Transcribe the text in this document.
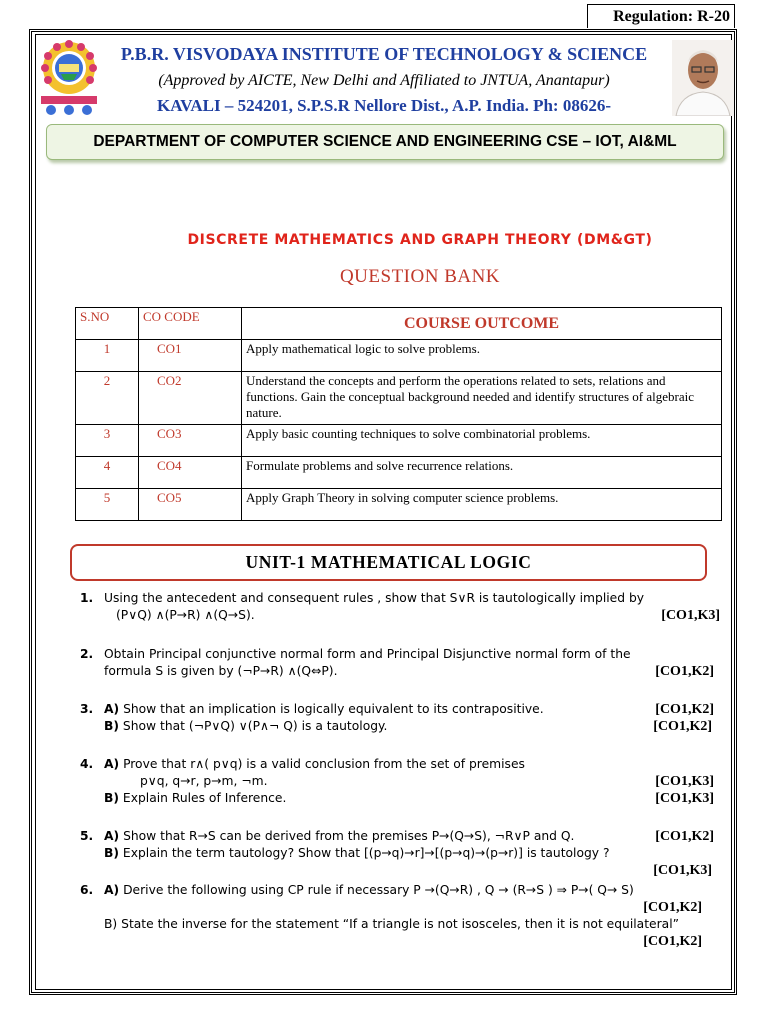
Regulation: R-20
P.B.R. VISVODAYA INSTITUTE OF TECHNOLOGY & SCIENCE
(Approved by AICTE, New Delhi and Affiliated to JNTUA, Anantapur)
KAVALI – 524201, S.P.S.R Nellore Dist., A.P. India. Ph: 08626-
DEPARTMENT OF COMPUTER SCIENCE AND ENGINEERING CSE – IOT, AI&ML
DISCRETE MATHEMATICS AND GRAPH THEORY (DM&GT)
QUESTION BANK
S.NO	CO CODE	COURSE OUTCOME
1	CO1	Apply mathematical logic to solve problems.
2	CO2	Understand the concepts and perform the operations related to sets, relations and functions. Gain the conceptual background needed and identify structures of algebraic nature.
3	CO3	Apply basic counting techniques to solve combinatorial problems.
4	CO4	Formulate problems and solve recurrence relations.
5	CO5	Apply Graph Theory in solving computer science problems.
UNIT-1 MATHEMATICAL LOGIC
1. Using the antecedent and consequent rules , show that S∨R is tautologically implied by
(P∨Q) ∧(P→R) ∧(Q→S).	[CO1,K3]
2. Obtain Principal conjunctive normal form and Principal Disjunctive normal form of the
formula S is given by (¬P→R) ∧(Q⇔P).	[CO1,K2]
3. A) Show that an implication is logically equivalent to its contrapositive.
B) Show that (¬P∨Q) ∨(P∧¬ Q) is a tautology.
[CO1,K2]
[CO1,K2]
4. A) Prove that r∧( p∨q) is a valid conclusion from the set of premises
p∨q, q→r, p→m, ¬m.
B) Explain Rules of Inference.
[CO1,K3]
[CO1,K3]
5. A) Show that R→S can be derived from the premises P→(Q→S), ¬R∨P and Q.
B) Explain the term tautology? Show that [(p→q)→r]→[(p→q)→(p→r)] is tautology ?
[CO1,K2]
[CO1,K3]
6. A) Derive the following using CP rule if necessary P →(Q→R) , Q → (R→S ) ⇒ P→( Q→ S)
B) State the inverse for the statement “If a triangle is not isosceles, then it is not equilateral”
[CO1,K2]
[CO1,K2]
